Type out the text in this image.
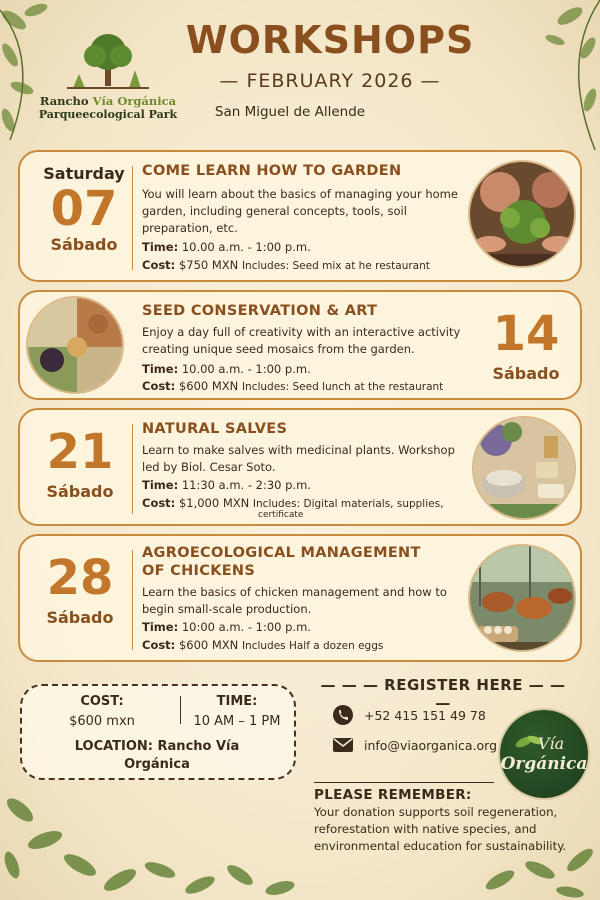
Rancho Vía Orgánica
Parqueecological Park
WORKSHOPS
— FEBRUARY 2026 —
San Miguel de Allende
Saturday
07
Sábado
COME LEARN HOW TO GARDEN
You will learn about the basics of managing your home garden, including general concepts, tools, soil preparation, etc.
Time: 10.00 a.m. - 1:00 p.m.
Cost: $750 MXN Includes: Seed mix at he restaurant
SEED CONSERVATION & ART
Enjoy a day full of creativity with an interactive activity creating unique seed mosaics from the garden.
Time: 10.00 a.m. - 1:00 p.m.
Cost: $600 MXN Includes: Seed lunch at the restaurant
14
Sábado
21
Sábado
NATURAL SALVES
Learn to make salves with medicinal plants. Workshop led by Biol. Cesar Soto.
Time: 11:30 a.m. - 2:30 p.m.
Cost: $1,000 MXN Includes: Digital materials, supplies,
certificate
28
Sábado
AGROECOLOGICAL MANAGEMENT OF CHICKENS
Learn the basics of chicken management and how to begin small-scale production.
Time: 10:00 a.m. - 1:00 p.m.
Cost: $600 MXN Includes Half a dozen eggs
COST:
$600 mxn
TIME:
10 AM – 1 PM
LOCATION: Rancho Vía Orgánica
— — — REGISTER HERE — — —
+52 415 151 49 78
info@viaorganica.org	Vía
Orgánica
PLEASE REMEMBER:
Your donation supports soil regeneration, reforestation with native species, and environmental education for sustainability.
